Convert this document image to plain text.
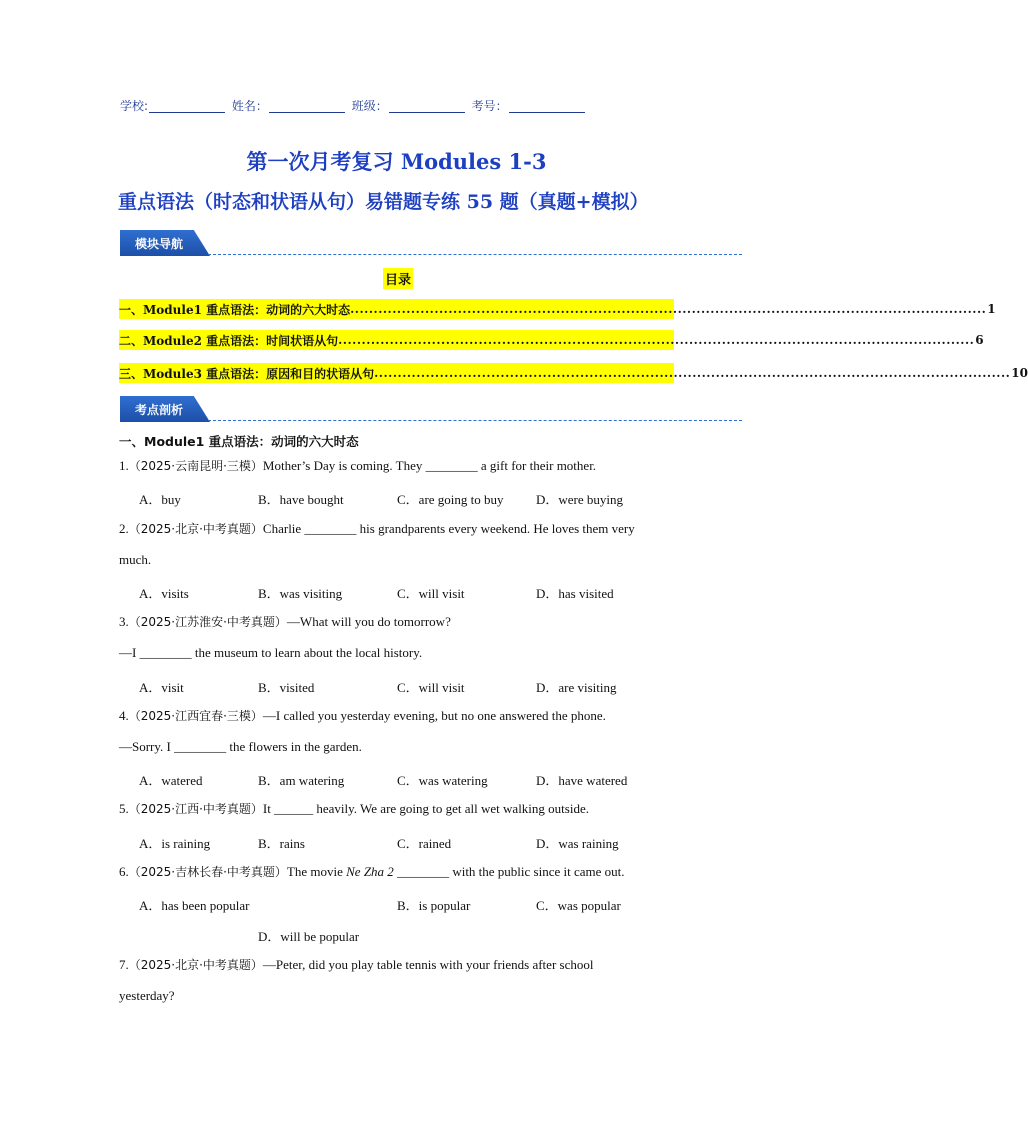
学校:	姓名：	班级：	考号：
第一次月考复习 Modules 1-3
重点语法（时态和状语从句）易错题专练 55 题（真题+模拟）
模块导航
目录
一、Module1 重点语法：动词的六大时态 ........................................................................................................................................ 1
二、Module2 重点语法：时间状语从句 ........................................................................................................................................ 6
三、Module3 重点语法：原因和目的状语从句 ........................................................................................................................................ 10
考点剖析
一、Module1 重点语法：动词的六大时态
1.（2025·云南昆明·三模）Mother’s Day is coming. They ________ a gift for their mother.
A．buy	B．have bought	C．are going to buy D．were buying
2.（2025·北京·中考真题）Charlie ________ his grandparents every weekend. He loves them very
much.
A．visits	B．was visiting	C．will visit	D．has visited
3.（2025·江苏淮安·中考真题）—What will you do tomorrow?
—I ________ the museum to learn about the local history.
A．visit	B．visited	C．will visit	D．are visiting
4.（2025·江西宜春·三模）—I called you yesterday evening, but no one answered the phone.
—Sorry. I ________ the flowers in the garden.
A．watered	B．am watering	C．was watering	D．have watered
5.（2025·江西·中考真题）It ______ heavily. We are going to get all wet walking outside.
A．is raining	B．rains	C．rained	D．was raining
6.（2025·吉林长春·中考真题）The movie Ne Zha 2 ________ with the public since it came out.
A．has been popular	B．is popular	C．was popular
D．will be popular
7.（2025·北京·中考真题）—Peter, did you play table tennis with your friends after school
yesterday?
